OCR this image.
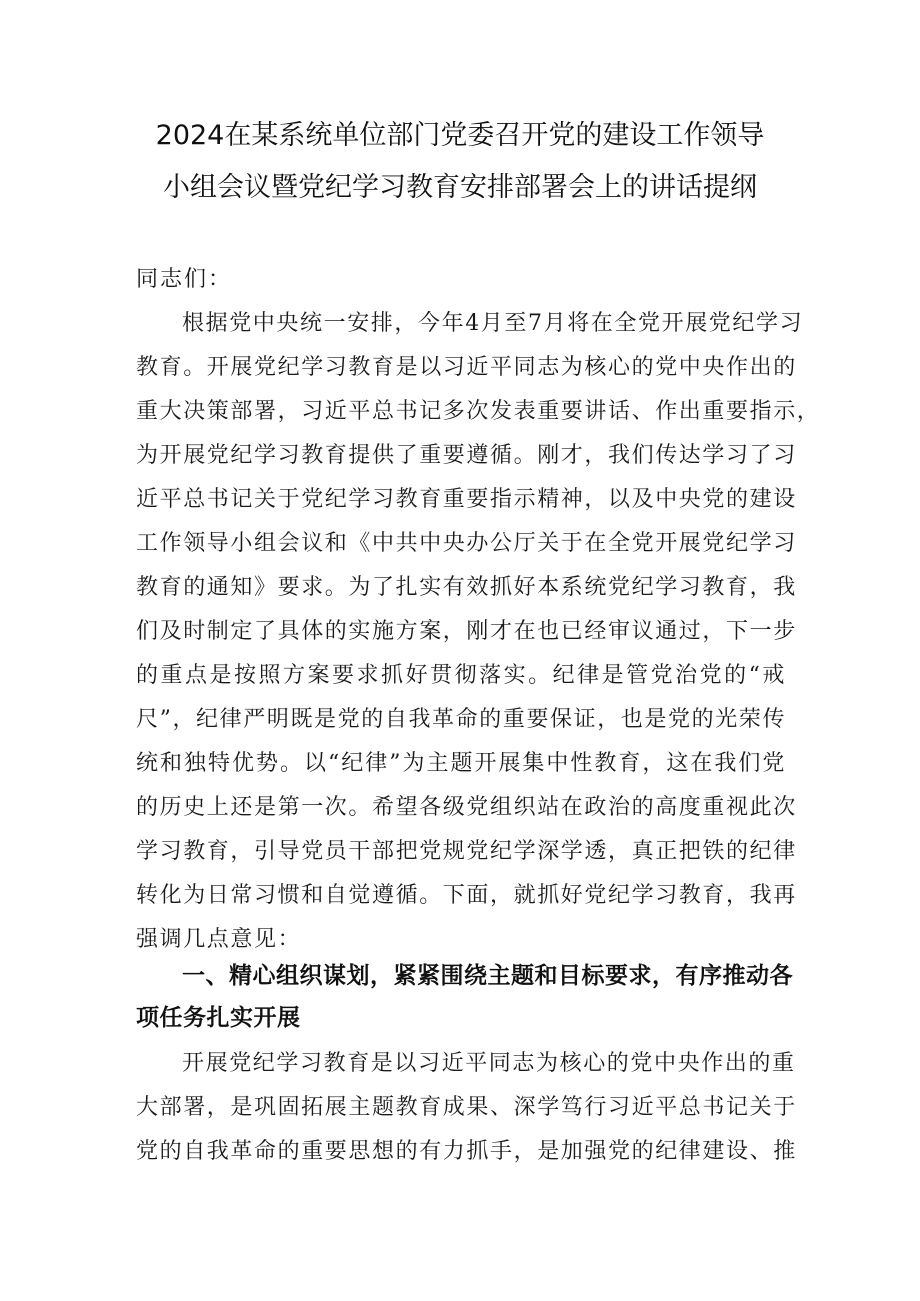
2024在某系统单位部门党委召开党的建设工作领导
小组会议暨党纪学习教育安排部署会上的讲话提纲

同志们：

根据党中央统一安排，今年4月至7月将在全党开展党纪学习

教育。开展党纪学习教育是以习近平同志为核心的党中央作出的

重大决策部署，习近平总书记多次发表重要讲话、作出重要指示，

为开展党纪学习教育提供了重要遵循。刚才，我们传达学习了习

近平总书记关于党纪学习教育重要指示精神，以及中央党的建设

工作领导小组会议和《中共中央办公厅关于在全党开展党纪学习

教育的通知》要求。为了扎实有效抓好本系统党纪学习教育，我

们及时制定了具体的实施方案，刚才在也已经审议通过，下一步

的重点是按照方案要求抓好贯彻落实。纪律是管党治党的“戒

尺”，纪律严明既是党的自我革命的重要保证，也是党的光荣传

统和独特优势。以“纪律”为主题开展集中性教育，这在我们党

的历史上还是第一次。希望各级党组织站在政治的高度重视此次

学习教育，引导党员干部把党规党纪学深学透，真正把铁的纪律

转化为日常习惯和自觉遵循。下面，就抓好党纪学习教育，我再

强调几点意见：

一、精心组织谋划，紧紧围绕主题和目标要求，有序推动各
项任务扎实开展

开展党纪学习教育是以习近平同志为核心的党中央作出的重

大部署，是巩固拓展主题教育成果、深学笃行习近平总书记关于

党的自我革命的重要思想的有力抓手，是加强党的纪律建设、推
